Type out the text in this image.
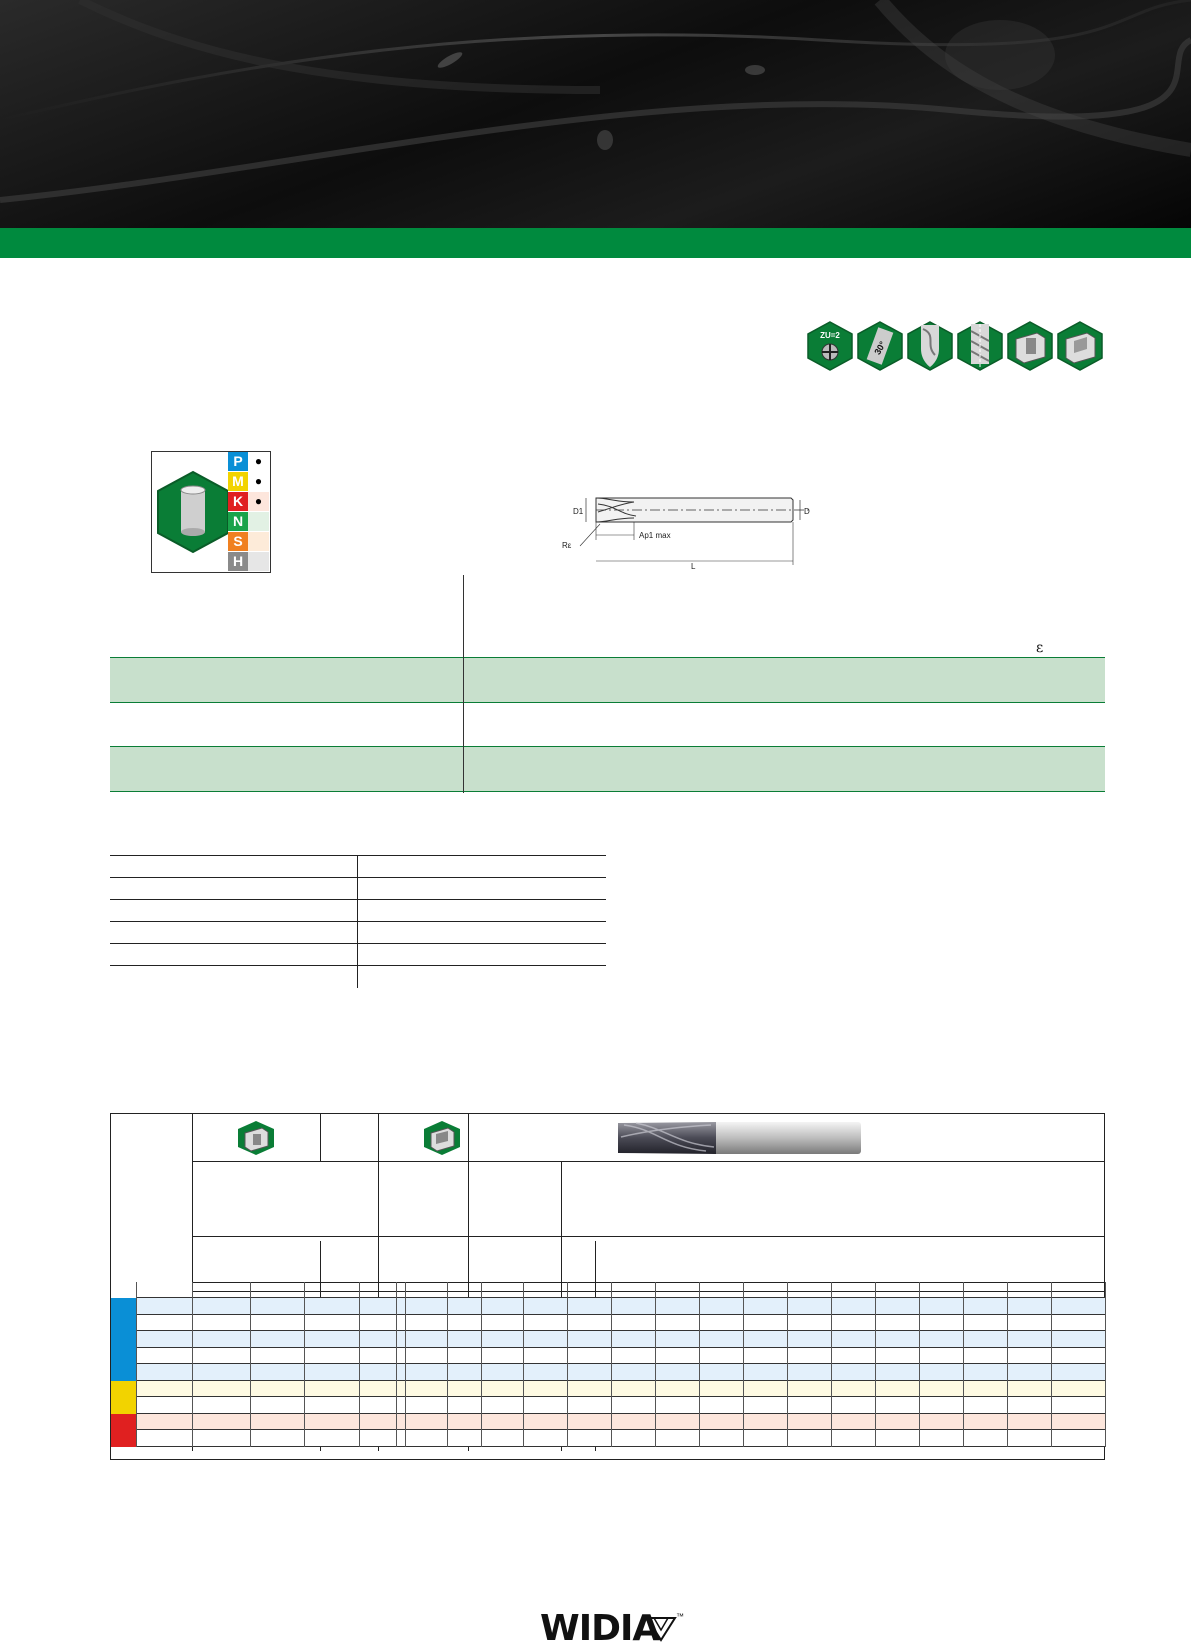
ZU=2
30°
P	●
M ●
K ●
N
S
H
D1	D
Ap1 max
L
Rε
ε
WIDIA ™
